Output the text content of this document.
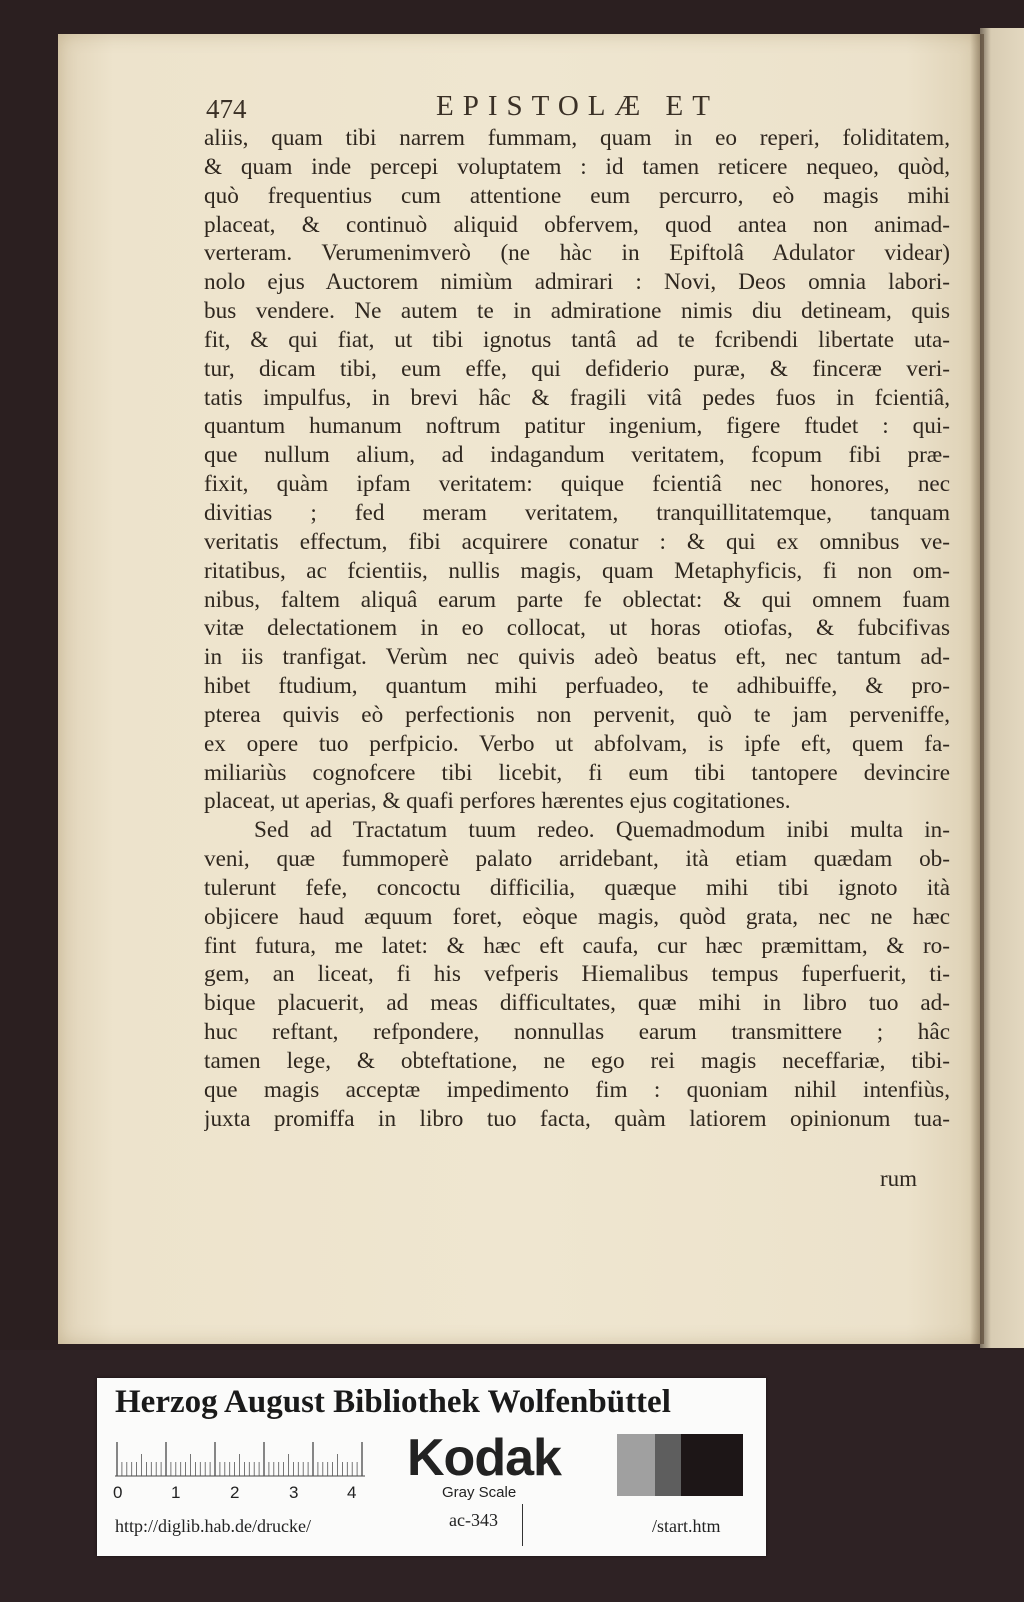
474	EPISTOLÆ ET
aliis, quam tibi narrem fummam, quam in eo reperi, foliditatem,
& quam inde percepi voluptatem : id tamen reticere nequeo, quòd,
quò frequentius cum attentione eum percurro, eò magis mihi
placeat, & continuò aliquid obfervem, quod antea non animad-
verteram. Verumenimverò (ne hàc in Epiftolâ Adulator videar)
nolo ejus Auctorem nimiùm admirari : Novi, Deos omnia labori-
bus vendere. Ne autem te in admiratione nimis diu detineam, quis
fit, & qui fiat, ut tibi ignotus tantâ ad te fcribendi libertate uta-
tur, dicam tibi, eum effe, qui defiderio puræ, & finceræ veri-
tatis impulfus, in brevi hâc & fragili vitâ pedes fuos in fcientiâ,
quantum humanum noftrum patitur ingenium, figere ftudet : qui-
que nullum alium, ad indagandum veritatem, fcopum fibi præ-
fixit, quàm ipfam veritatem: quique fcientiâ nec honores, nec
divitias ; fed meram veritatem, tranquillitatemque, tanquam
veritatis effectum, fibi acquirere conatur : & qui ex omnibus ve-
ritatibus, ac fcientiis, nullis magis, quam Metaphyficis, fi non om-
nibus, faltem aliquâ earum parte fe oblectat: & qui omnem fuam
vitæ delectationem in eo collocat, ut horas otiofas, & fubcifivas
in iis tranfigat. Verùm nec quivis adeò beatus eft, nec tantum ad-
hibet ftudium, quantum mihi perfuadeo, te adhibuiffe, & pro-
pterea quivis eò perfectionis non pervenit, quò te jam perveniffe,
ex opere tuo perfpicio. Verbo ut abfolvam, is ipfe eft, quem fa-
miliariùs cognofcere tibi licebit, fi eum tibi tantopere devincire
placeat, ut aperias, & quafi perfores hærentes ejus cogitationes.
Sed ad Tractatum tuum redeo. Quemadmodum inibi multa in-
veni, quæ fummoperè palato arridebant, ità etiam quædam ob-
tulerunt fefe, concoctu difficilia, quæque mihi tibi ignoto ità
objicere haud æquum foret, eòque magis, quòd grata, nec ne hæc
fint futura, me latet: & hæc eft caufa, cur hæc præmittam, & ro-
gem, an liceat, fi his vefperis Hiemalibus tempus fuperfuerit, ti-
bique placuerit, ad meas difficultates, quæ mihi in libro tuo ad-
huc reftant, refpondere, nonnullas earum transmittere ; hâc
tamen lege, & obteftatione, ne ego rei magis neceffariæ, tibi-
que magis acceptæ impedimento fim : quoniam nihil intenfiùs,
juxta promiffa in libro tuo facta, quàm latiorem opinionum tua-
rum
Herzog August Bibliothek Wolfenbüttel
0	1	2	3	4
Kodak
Gray Scale
http://diglib.hab.de/drucke/	ac-343	/start.htm
